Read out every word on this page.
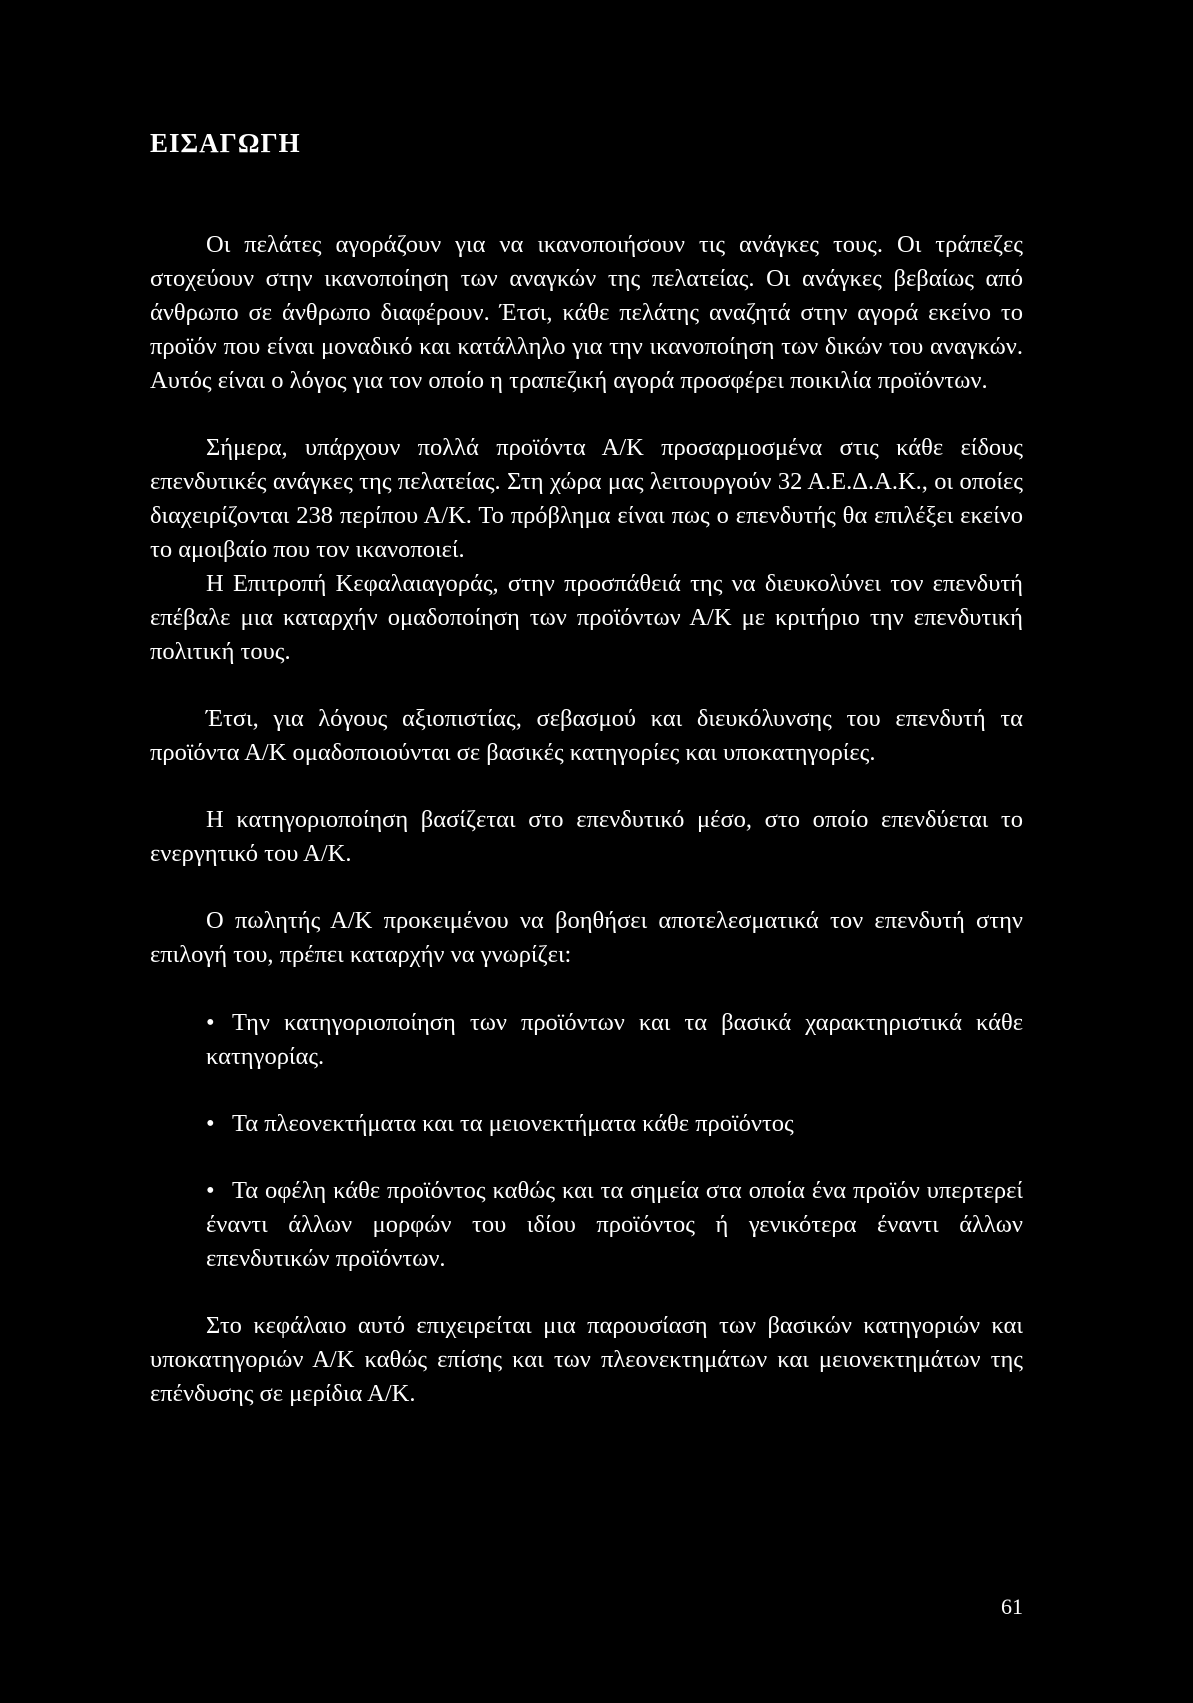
ΕΙΣΑΓΩΓΗ

Οι πελάτες αγοράζουν για να ικανοποιήσουν τις ανάγκες τους. Οι τράπεζες στοχεύουν στην ικανοποίηση των αναγκών της πελατείας. Οι ανάγκες βεβαίως από άνθρωπο σε άνθρωπο διαφέρουν. Έτσι, κάθε πελάτης αναζητά στην αγορά εκείνο το προϊόν που είναι μοναδικό και κατάλληλο για την ικανοποίηση των δικών του αναγκών. Αυτός είναι ο λόγος για τον οποίο η τραπεζική αγορά προσφέρει ποικιλία προϊόντων.

Σήμερα, υπάρχουν πολλά προϊόντα Α/Κ προσαρμοσμένα στις κάθε είδους επενδυτικές ανάγκες της πελατείας. Στη χώρα μας λειτουργούν 32 Α.Ε.Δ.Α.Κ., οι οποίες διαχειρίζονται 238 περίπου Α/Κ. Το πρόβλημα είναι πως ο επενδυτής θα επιλέξει εκείνο το αμοιβαίο που τον ικανοποιεί.

Η Επιτροπή Κεφαλαιαγοράς, στην προσπάθειά της να διευκολύνει τον επενδυτή επέβαλε μια καταρχήν ομαδοποίηση των προϊόντων Α/Κ με κριτήριο την επενδυτική πολιτική τους.

Έτσι, για λόγους αξιοπιστίας, σεβασμού και διευκόλυνσης του επενδυτή τα προϊόντα Α/Κ ομαδοποιούνται σε βασικές κατηγορίες και υποκατηγορίες.

Η κατηγοριοποίηση βασίζεται στο επενδυτικό μέσο, στο οποίο επενδύεται το ενεργητικό του Α/Κ.

Ο πωλητής Α/Κ προκειμένου να βοηθήσει αποτελεσματικά τον επενδυτή στην επιλογή του, πρέπει καταρχήν να γνωρίζει:

• Την κατηγοριοποίηση των προϊόντων και τα βασικά χαρακτηριστικά κάθε κατηγορίας.
• Τα πλεονεκτήματα και τα μειονεκτήματα κάθε προϊόντος
• Τα οφέλη κάθε προϊόντος καθώς και τα σημεία στα οποία ένα προϊόν υπερτερεί έναντι άλλων μορφών του ιδίου προϊόντος ή γενικότερα έναντι άλλων επενδυτικών προϊόντων.

Στο κεφάλαιο αυτό επιχειρείται μια παρουσίαση των βασικών κατηγοριών και υποκατηγοριών Α/Κ καθώς επίσης και των πλεονεκτημάτων και μειονεκτημάτων της επένδυσης σε μερίδια Α/Κ.

61
